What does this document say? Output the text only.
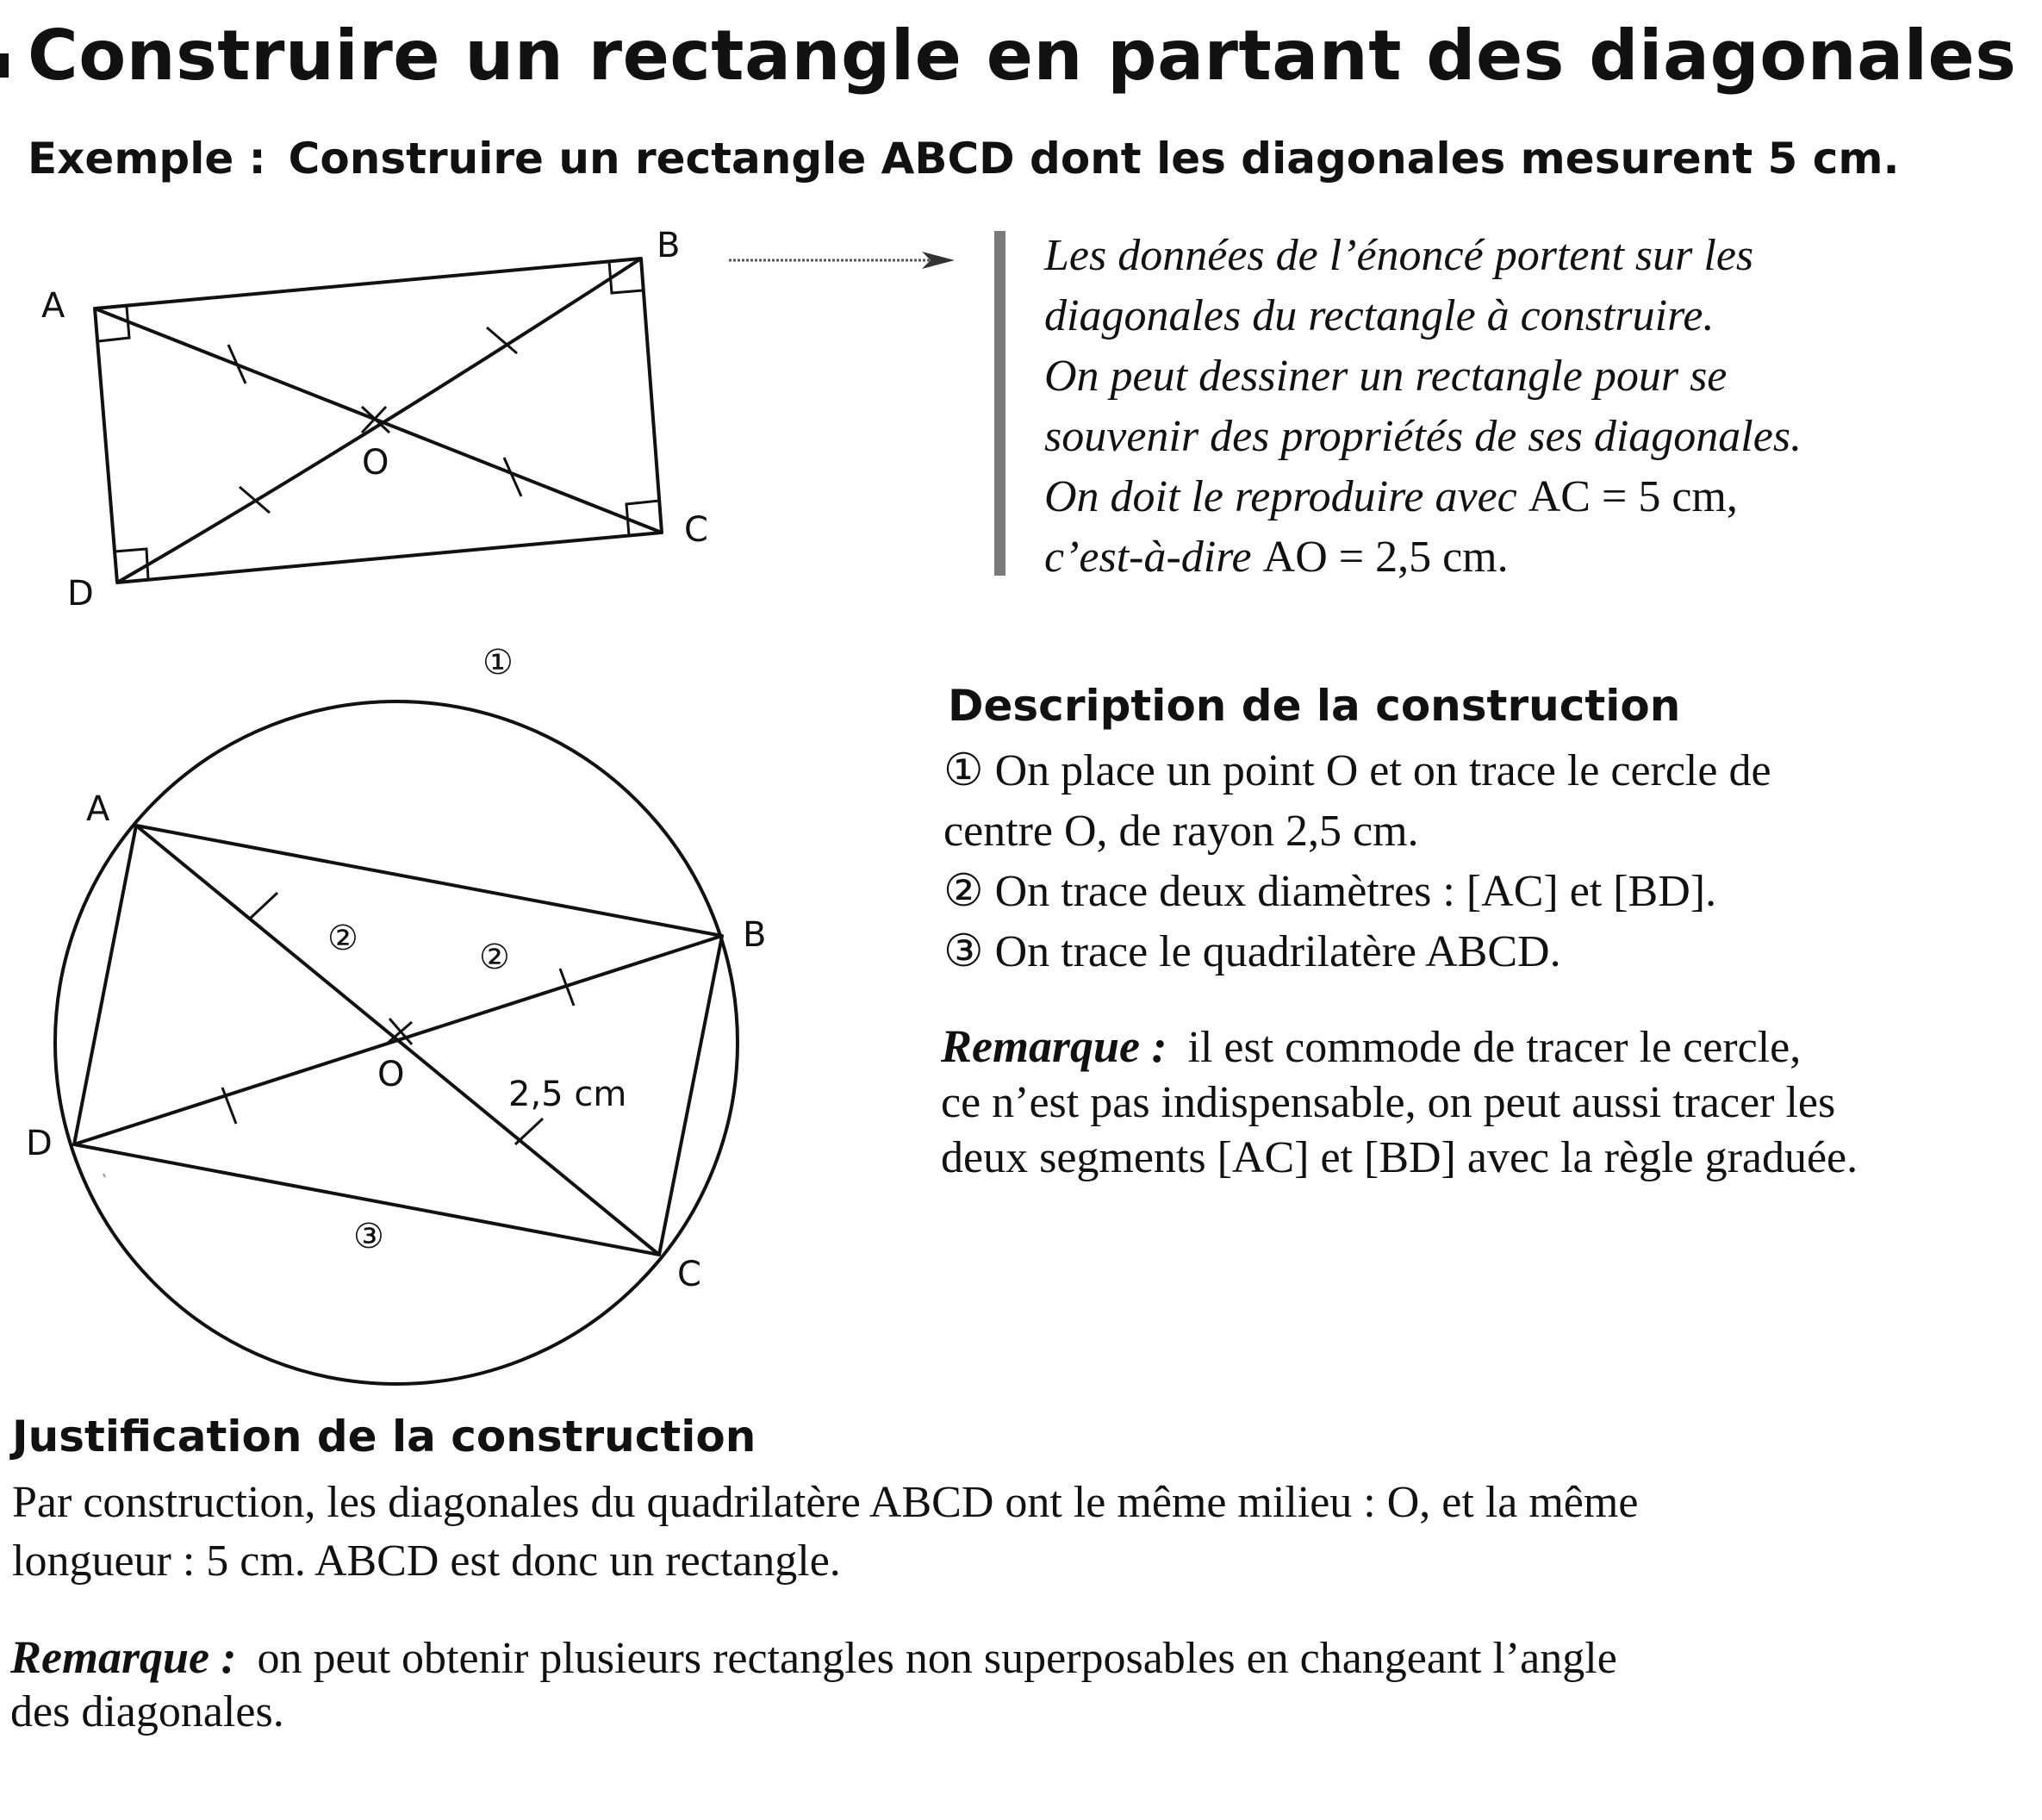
Construire un rectangle en partant des diagonales
Exemple : Construire un rectangle ABCD dont les diagonales mesurent 5 cm.
A
B
C
D
O
Les données de l’énoncé portent sur les
diagonales du rectangle à construire.
On peut dessiner un rectangle pour se
souvenir des propriétés de ses diagonales.
On doit le reproduire avec AC = 5 cm,
c’est-à-dire AO = 2,5 cm.
A
B
C
D
O	2,5 cm
①
②	②
③
Description de la construction
① On place un point O et on trace le cercle de
centre O, de rayon 2,5 cm.
② On trace deux diamètres : [AC] et [BD].
③ On trace le quadrilatère ABCD.
Remarque : il est commode de tracer le cercle,
ce n’est pas indispensable, on peut aussi tracer les
deux segments [AC] et [BD] avec la règle graduée.
Justification de la construction
Par construction, les diagonales du quadrilatère ABCD ont le même milieu : O, et la même
longueur : 5 cm. ABCD est donc un rectangle.
Remarque : on peut obtenir plusieurs rectangles non superposables en changeant l’angle
des diagonales.
